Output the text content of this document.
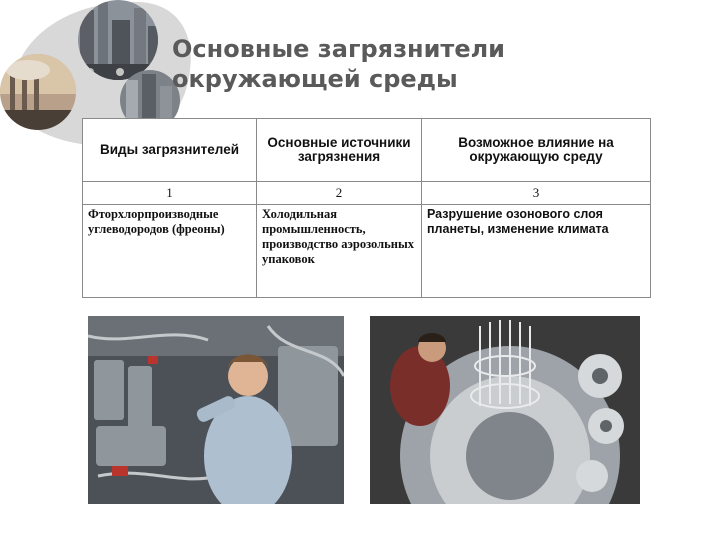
Основные загрязнители
окружающей среды
Виды загрязнителей	Основные источники загрязнения	Возможное влияние на окружающую среду
1	2	3
Фторхлорпроизводные углеводородов (фреоны)	Холодильная промышленность, производство аэрозольных упаковок	Разрушение озонового слоя планеты, изменение климата
